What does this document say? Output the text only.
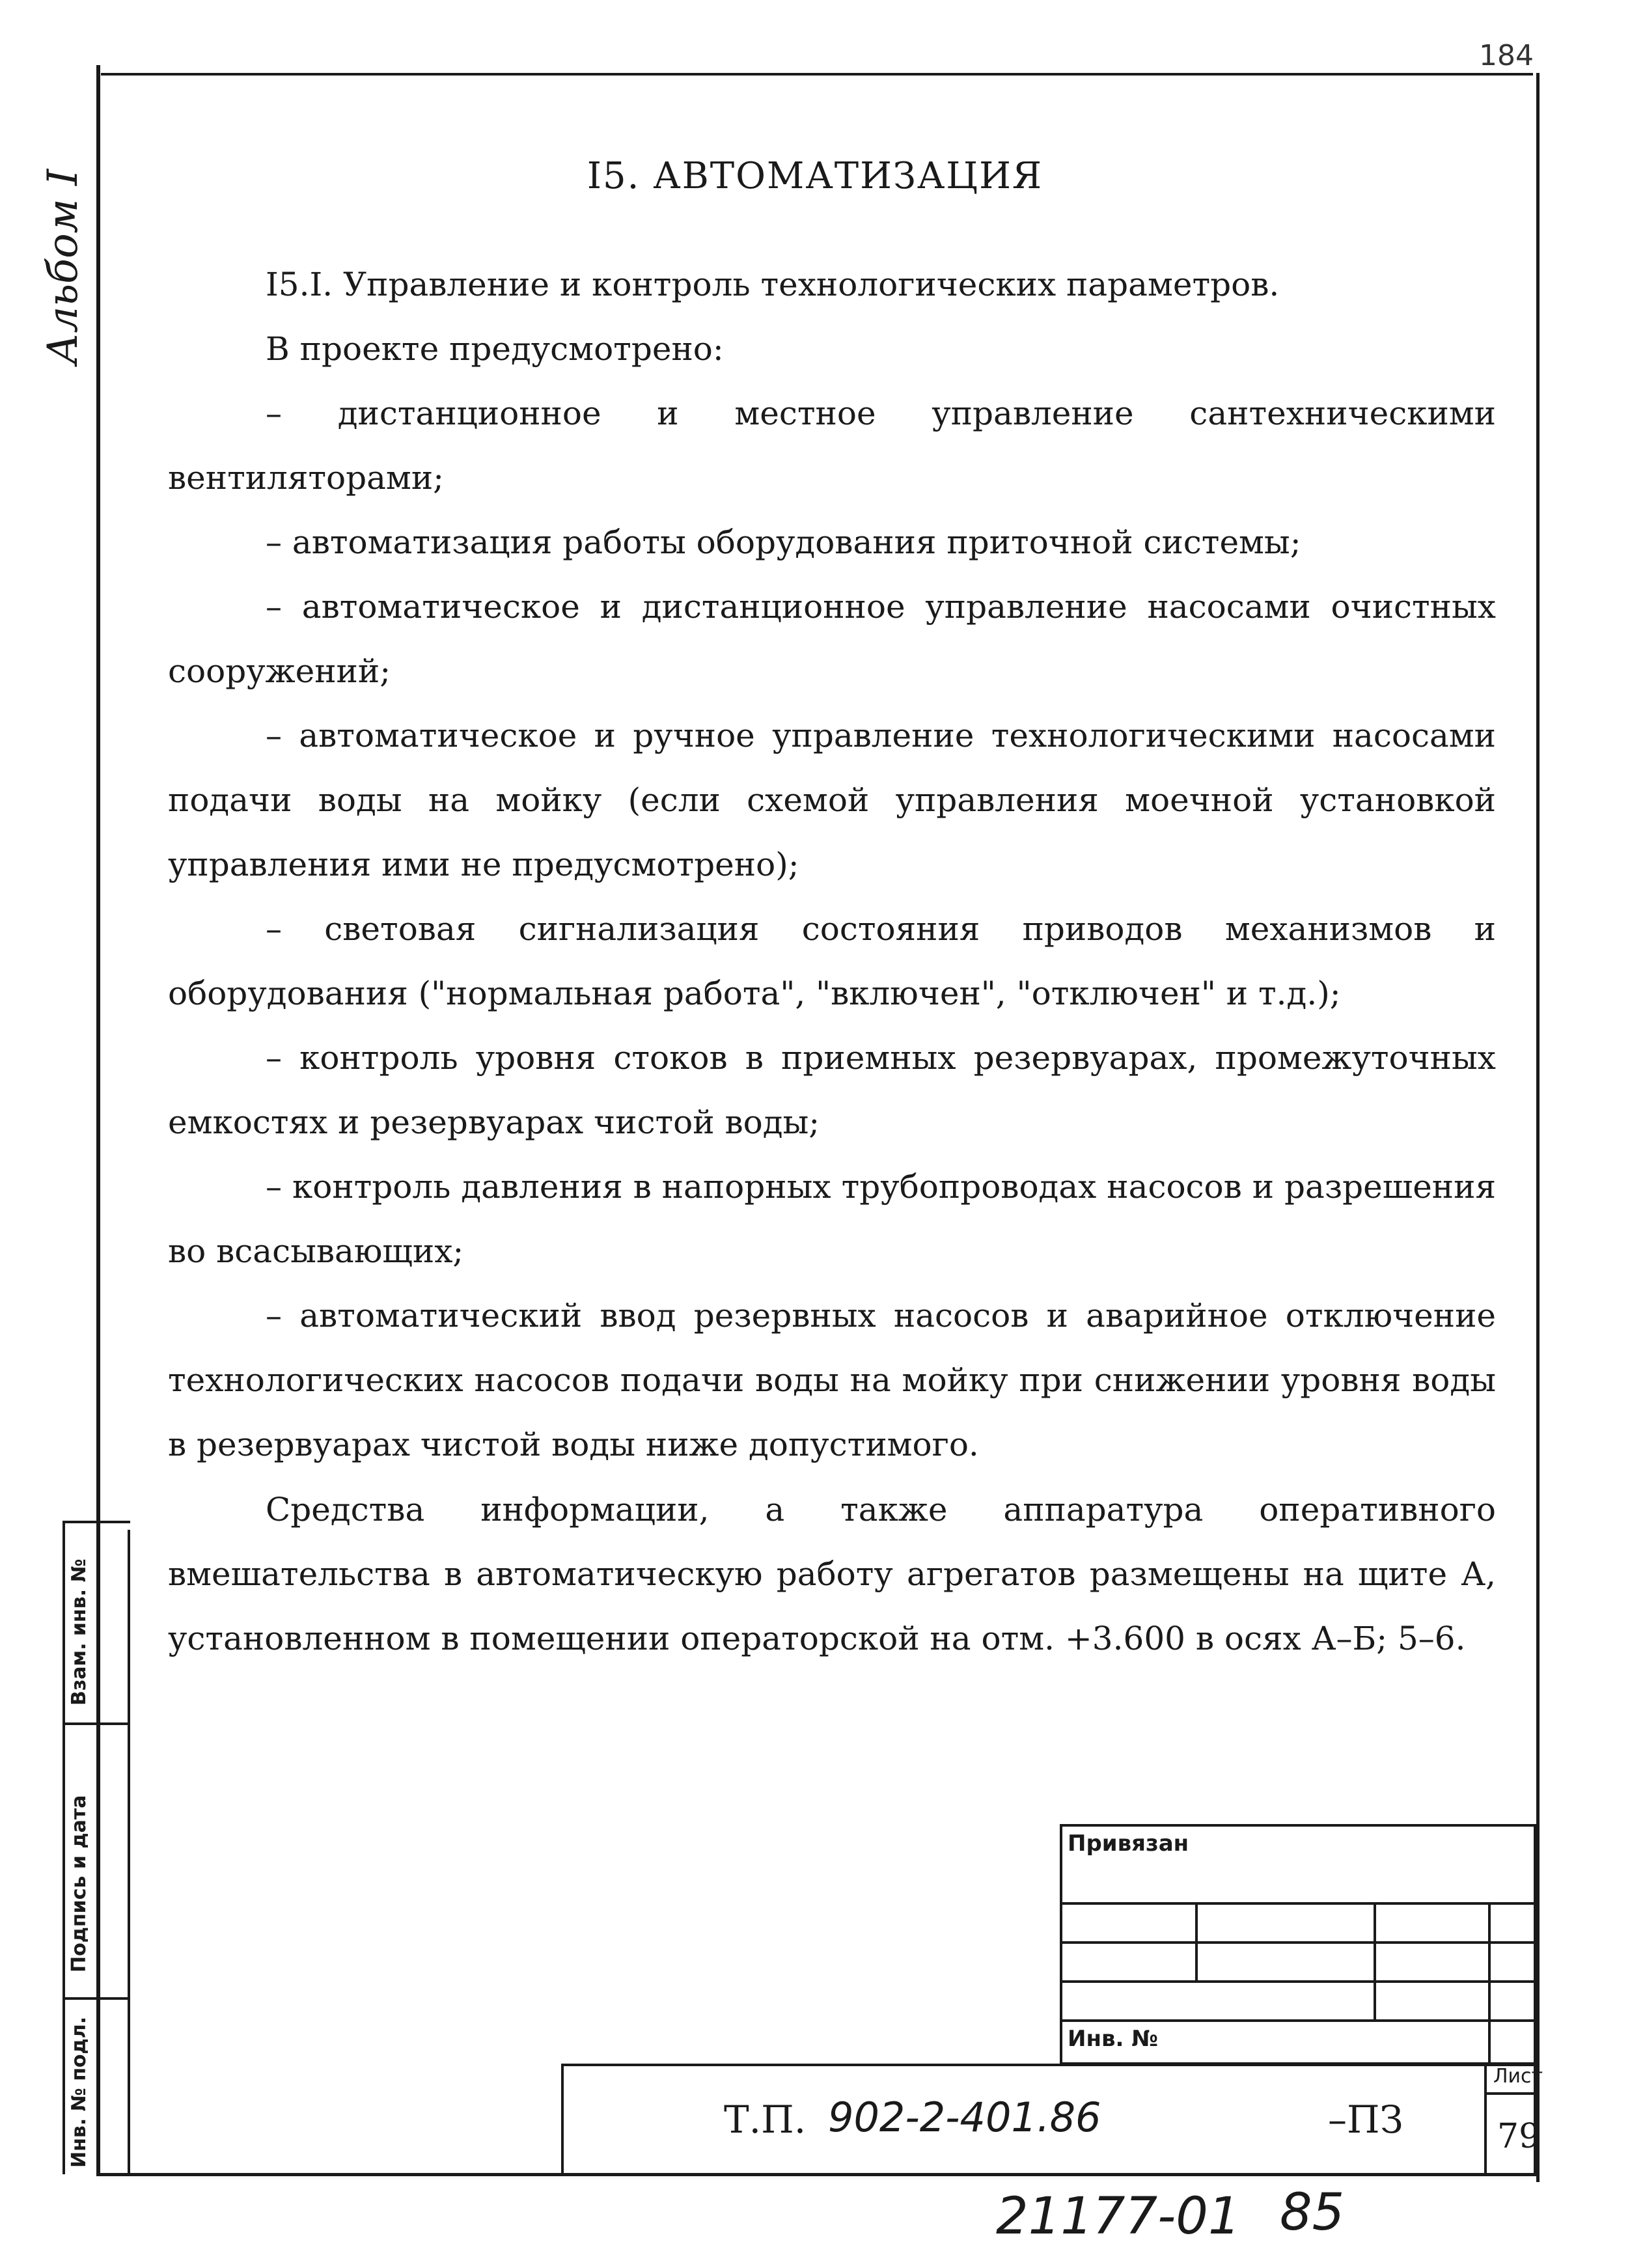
Инв. № подл.
Подпись и дата
Взам. инв. №
Альбом I
184
I5. АВТОМАТИЗАЦИЯ

I5.I. Управление и контроль технологических параметров.

В проекте предусмотрено:

– дистанционное и местное управление сантехническими вентиляторами;

– автоматизация работы оборудования приточной системы;

– автоматическое и дистанционное управление насосами очистных сооружений;

– автоматическое и ручное управление технологическими насосами подачи воды на мойку (если схемой управления моечной установкой управления ими не предусмотрено);

– световая сигнализация состояния приводов механизмов и оборудования ("нормальная работа", "включен", "отключен" и т.д.);

– контроль уровня стоков в приемных резервуарах, промежуточных емкостях и резервуарах чистой воды;

– контроль давления в напорных трубопроводах насосов и разрешения во всасывающих;

– автоматический ввод резервных насосов и аварийное отключение технологических насосов подачи воды на мойку при снижении уровня воды в резервуарах чистой воды ниже допустимого.

Средства информации, а также аппаратура оперативного вмешательства в автоматическую работу агрегатов размещены на щите А, установленном в помещении операторской на отм. +3.600 в осях А–Б; 5–6.

Привязан
Инв. №
Т.П. 902-2-401.86	–ПЗ
Лист
79
21177-01 85
